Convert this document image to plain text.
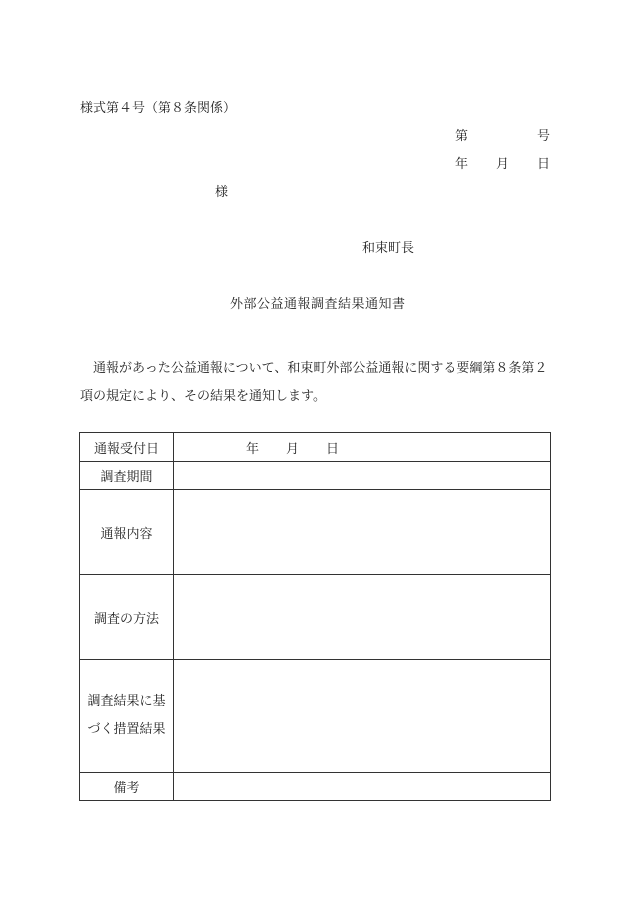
様式第４号（第８条関係）
第	号
年 月 日
様
和束町長
外部公益通報調査結果通知書
　通報があった公益通報について、和束町外部公益通報に関する要綱第８条第２項の規定により、その結果を通知します。
通報受付日	年 月 日

調査期間	
通報内容	
調査の方法	
調査結果に基
づく措置結果	
備考	
